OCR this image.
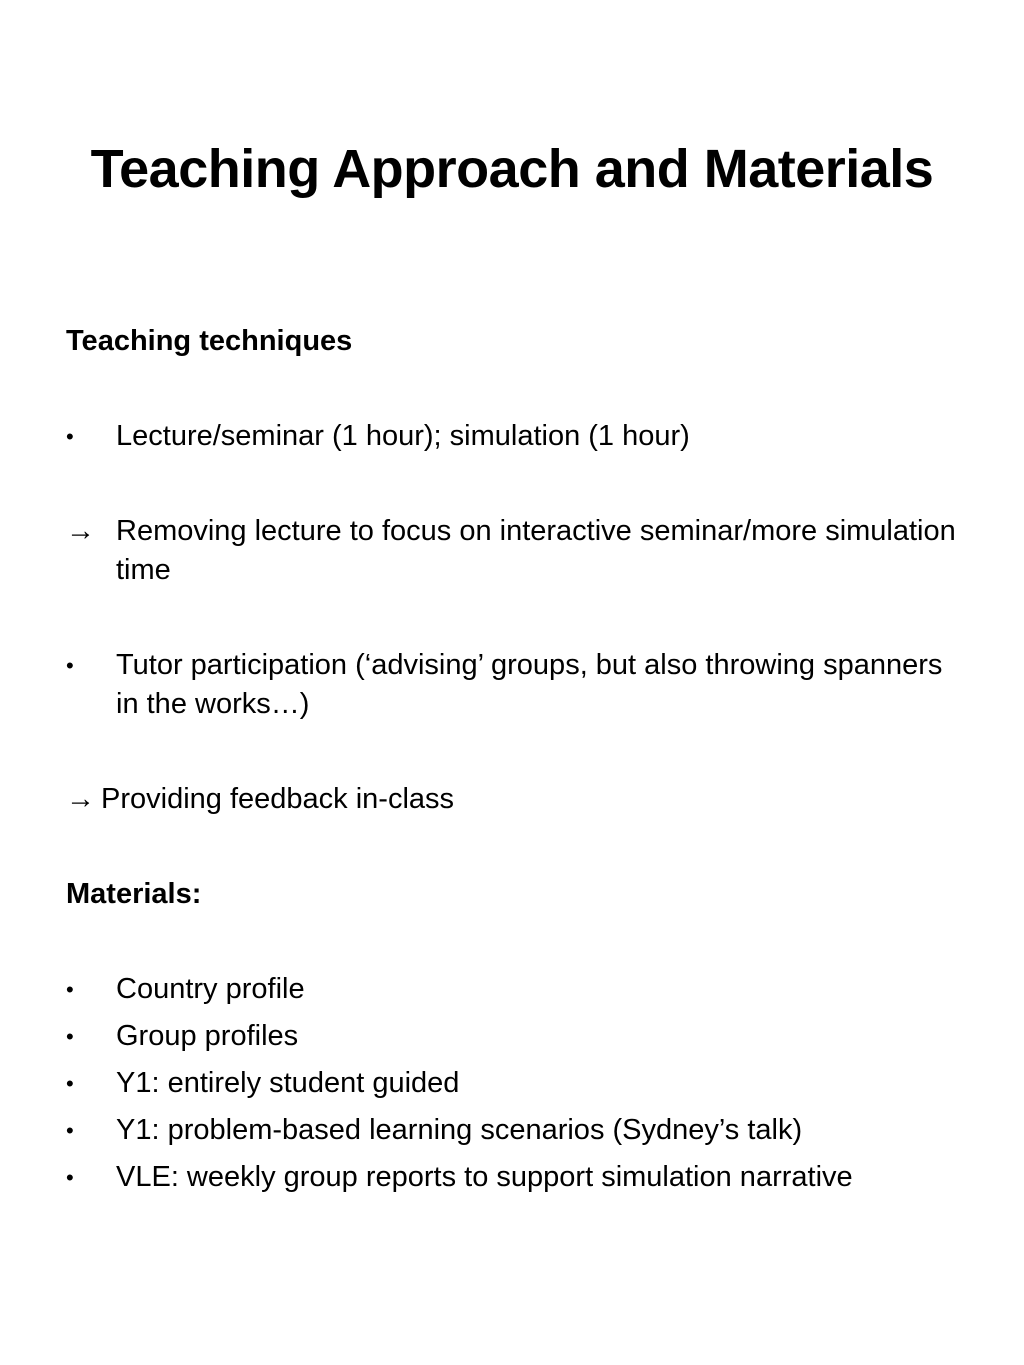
Teaching Approach and Materials

Teaching techniques

•	Lecture/seminar (1 hour); simulation (1 hour)

→ Removing lecture to focus on interactive seminar/more simulation time

•	Tutor participation (‘advising’ groups, but also throwing spanners in the works…)

→ Providing feedback in-class

Materials:

•	Country profile

•	Group profiles

•	Y1: entirely student guided

•	Y1: problem-based learning scenarios (Sydney’s talk)

•	VLE: weekly group reports to support simulation narrative
